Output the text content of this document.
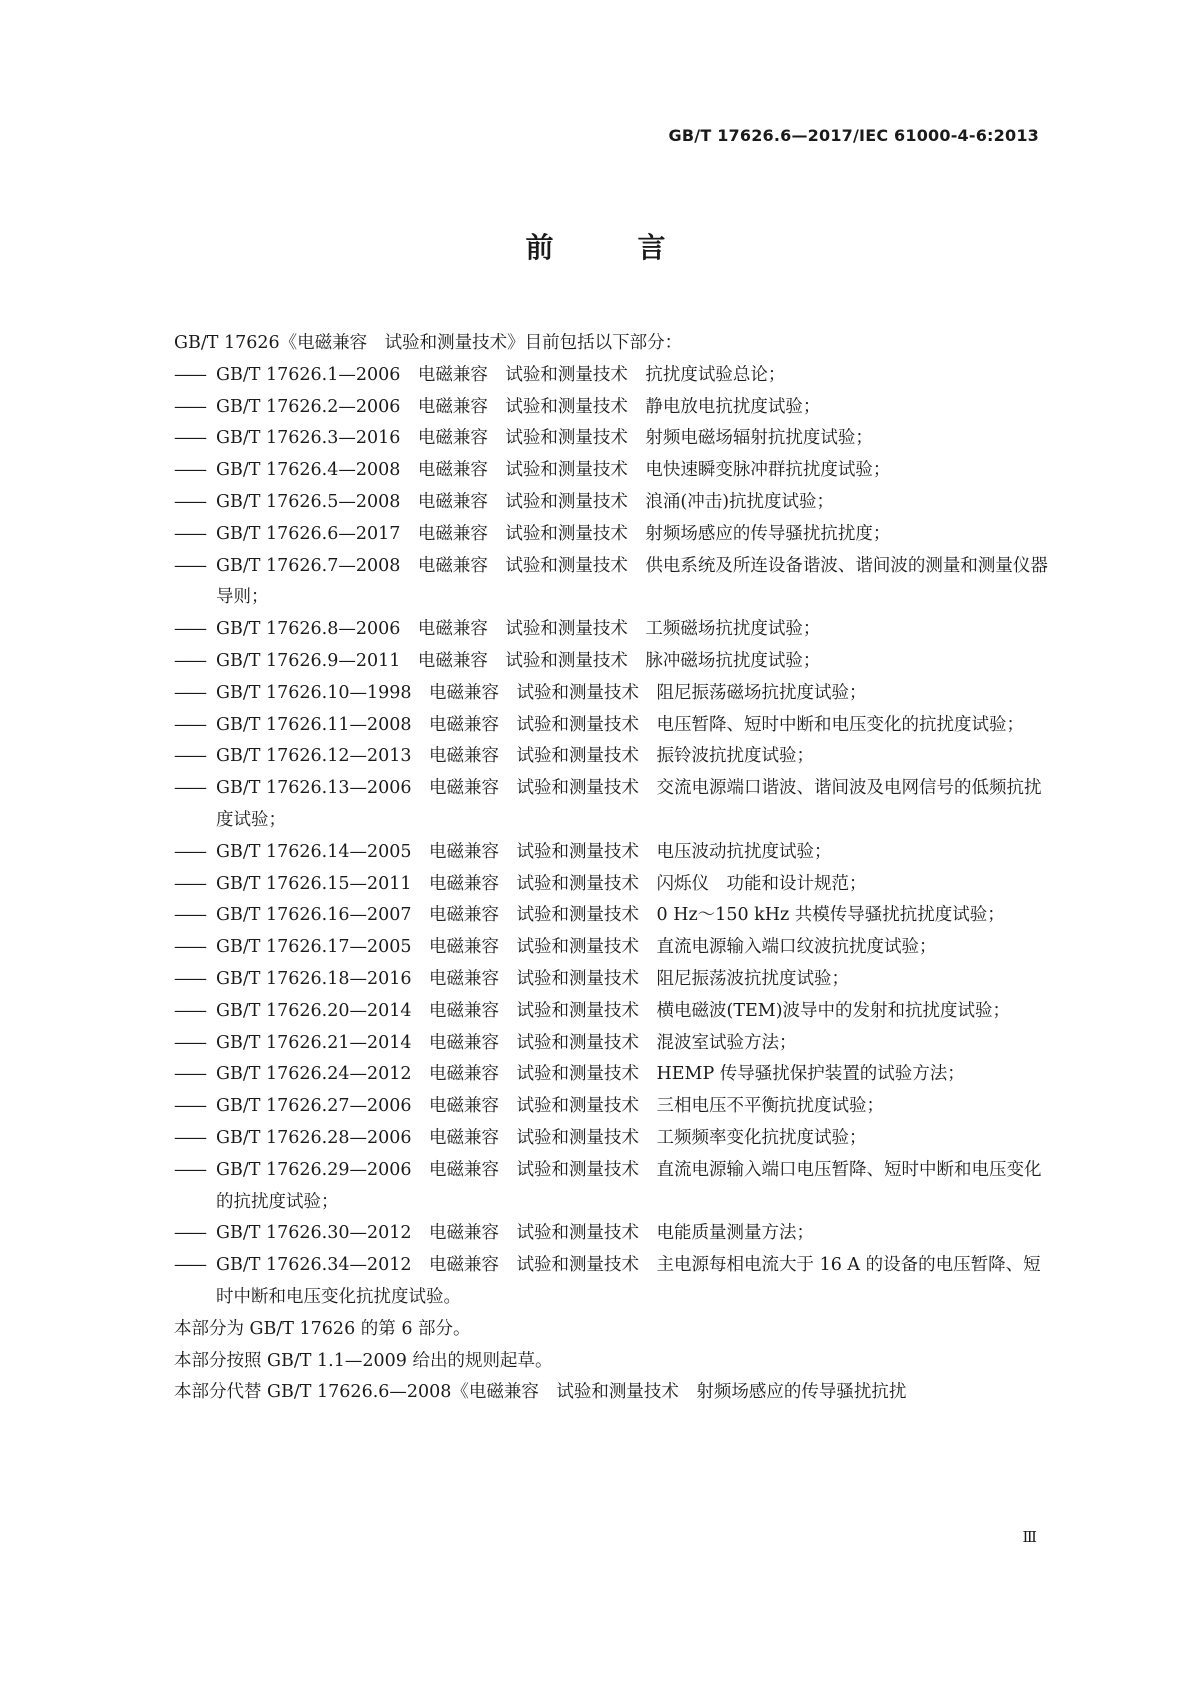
GB/T 17626.6—2017/IEC 61000-4-6:2013
前　言
GB/T 17626《电磁兼容　试验和测量技术》目前包括以下部分：
—— GB/T 17626.1—2006　电磁兼容　试验和测量技术　抗扰度试验总论；
—— GB/T 17626.2—2006　电磁兼容　试验和测量技术　静电放电抗扰度试验；
—— GB/T 17626.3—2016　电磁兼容　试验和测量技术　射频电磁场辐射抗扰度试验；
—— GB/T 17626.4—2008　电磁兼容　试验和测量技术　电快速瞬变脉冲群抗扰度试验；
—— GB/T 17626.5—2008　电磁兼容　试验和测量技术　浪涌(冲击)抗扰度试验；
—— GB/T 17626.6—2017　电磁兼容　试验和测量技术　射频场感应的传导骚扰抗扰度；
—— GB/T 17626.7—2008　电磁兼容　试验和测量技术　供电系统及所连设备谐波、谐间波的测量和测量仪器导则；
—— GB/T 17626.8—2006　电磁兼容　试验和测量技术　工频磁场抗扰度试验；
—— GB/T 17626.9—2011　电磁兼容　试验和测量技术　脉冲磁场抗扰度试验；
—— GB/T 17626.10—1998　电磁兼容　试验和测量技术　阻尼振荡磁场抗扰度试验；
—— GB/T 17626.11—2008　电磁兼容　试验和测量技术　电压暂降、短时中断和电压变化的抗扰度试验；
—— GB/T 17626.12—2013　电磁兼容　试验和测量技术　振铃波抗扰度试验；
—— GB/T 17626.13—2006　电磁兼容　试验和测量技术　交流电源端口谐波、谐间波及电网信号的低频抗扰度试验；
—— GB/T 17626.14—2005　电磁兼容　试验和测量技术　电压波动抗扰度试验；
—— GB/T 17626.15—2011　电磁兼容　试验和测量技术　闪烁仪　功能和设计规范；
—— GB/T 17626.16—2007　电磁兼容　试验和测量技术　0 Hz～150 kHz 共模传导骚扰抗扰度试验；
—— GB/T 17626.17—2005　电磁兼容　试验和测量技术　直流电源输入端口纹波抗扰度试验；
—— GB/T 17626.18—2016　电磁兼容　试验和测量技术　阻尼振荡波抗扰度试验；
—— GB/T 17626.20—2014　电磁兼容　试验和测量技术　横电磁波(TEM)波导中的发射和抗扰度试验；
—— GB/T 17626.21—2014　电磁兼容　试验和测量技术　混波室试验方法；
—— GB/T 17626.24—2012　电磁兼容　试验和测量技术　HEMP 传导骚扰保护装置的试验方法；
—— GB/T 17626.27—2006　电磁兼容　试验和测量技术　三相电压不平衡抗扰度试验；
—— GB/T 17626.28—2006　电磁兼容　试验和测量技术　工频频率变化抗扰度试验；
—— GB/T 17626.29—2006　电磁兼容　试验和测量技术　直流电源输入端口电压暂降、短时中断和电压变化的抗扰度试验；
—— GB/T 17626.30—2012　电磁兼容　试验和测量技术　电能质量测量方法；
—— GB/T 17626.34—2012　电磁兼容　试验和测量技术　主电源每相电流大于 16 A 的设备的电压暂降、短时中断和电压变化抗扰度试验。
本部分为 GB/T 17626 的第 6 部分。
本部分按照 GB/T 1.1—2009 给出的规则起草。
本部分代替 GB/T 17626.6—2008《电磁兼容　试验和测量技术　射频场感应的传导骚扰抗扰
Ⅲ
